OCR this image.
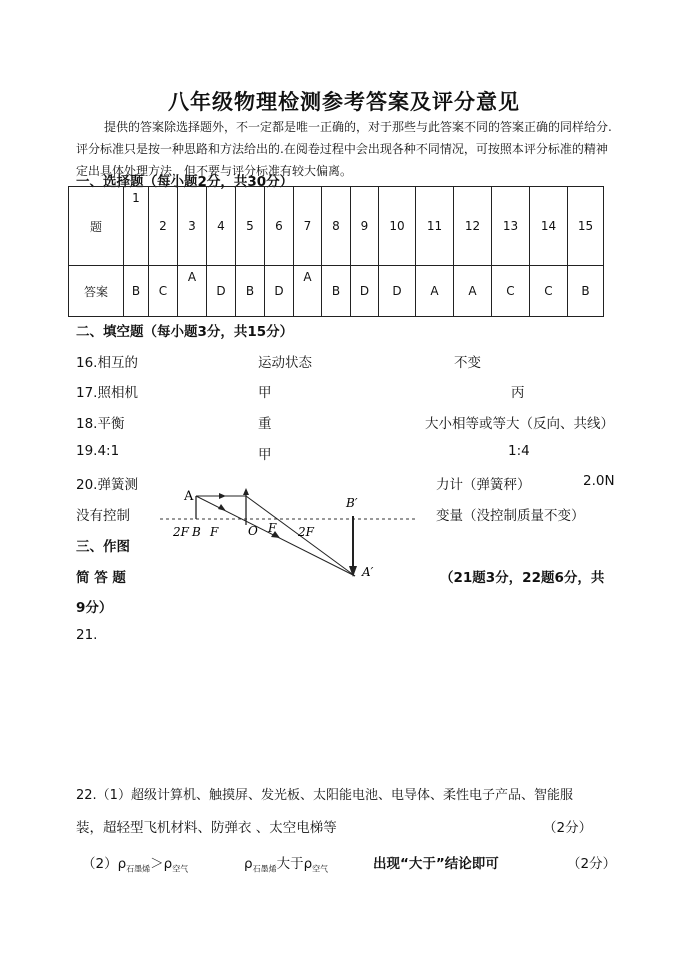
八年级物理检测参考答案及评分意见
提供的答案除选择题外，不一定都是唯一正确的，对于那些与此答案不同的答案正确的同样给分.评分标准只是按一种思路和方法给出的.在阅卷过程中会出现各种不同情况，可按照本评分标准的精神定出具体处理方法，但不要与评分标准有较大偏离。
一、选择题（每小题2分，共30分）
题	1	2	3	4	5	6	7	8	9	10	11	12	13	14	15
答案	B	C	A	D	B	D	A	B	D	D	A	A	C	C	B
二、填空题（每小题3分，共15分）
16.相互的	运动状态	不变
17.照相机	甲	丙
18.平衡	重	大小相等或等大（反向、共线）
19.4:1	甲	1:4
20.弹簧测	力计（弹簧秤）	2.0N
没有控制	变量（没控制质量不变）
三、作图
简 答 题	（21题3分，22题6分，共
9分）
A
2F B F O F 2F
B′
A′
21.
22.（1）超级计算机、触摸屏、发光板、太阳能电池、电导体、柔性电子产品、智能服
装，超轻型飞机材料、防弹衣 、太空电梯等	（2分）
$(2)\rho_{石墨烯}>\rho_{空气}$	$\rho_{石墨烯}$大于$\rho_{空气}$	出现“大于”结论即可	（2分）
